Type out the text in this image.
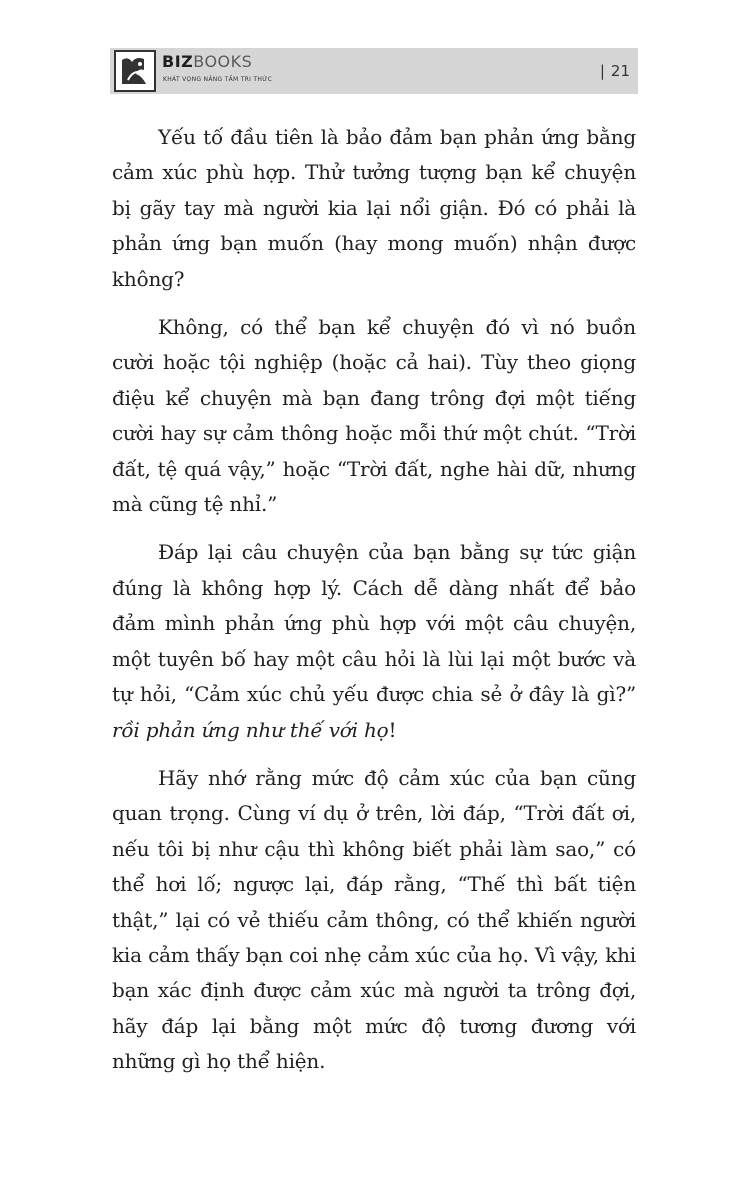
BIZBOOKS
KHÁT VỌNG NÂNG TẦM TRI THỨC	| 21

Yếu tố đầu tiên là bảo đảm bạn phản ứng bằng cảm xúc phù hợp. Thử tưởng tượng bạn kể chuyện bị gãy tay mà người kia lại nổi giận. Đó có phải là phản ứng bạn muốn (hay mong muốn) nhận được không?

Không, có thể bạn kể chuyện đó vì nó buồn cười hoặc tội nghiệp (hoặc cả hai). Tùy theo giọng điệu kể chuyện mà bạn đang trông đợi một tiếng cười hay sự cảm thông hoặc mỗi thứ một chút. “Trời đất, tệ quá vậy,” hoặc “Trời đất, nghe hài dữ, nhưng mà cũng tệ nhỉ.”

Đáp lại câu chuyện của bạn bằng sự tức giận đúng là không hợp lý. Cách dễ dàng nhất để bảo đảm mình phản ứng phù hợp với một câu chuyện, một tuyên bố hay một câu hỏi là lùi lại một bước và tự hỏi, “Cảm xúc chủ yếu được chia sẻ ở đây là gì?” rồi phản ứng như thế với họ!

Hãy nhớ rằng mức độ cảm xúc của bạn cũng quan trọng. Cùng ví dụ ở trên, lời đáp, “Trời đất ơi, nếu tôi bị như cậu thì không biết phải làm sao,” có thể hơi lố; ngược lại, đáp rằng, “Thế thì bất tiện thật,” lại có vẻ thiếu cảm thông, có thể khiến người kia cảm thấy bạn coi nhẹ cảm xúc của họ. Vì vậy, khi bạn xác định được cảm xúc mà người ta trông đợi, hãy đáp lại bằng một mức độ tương đương với những gì họ thể hiện.
